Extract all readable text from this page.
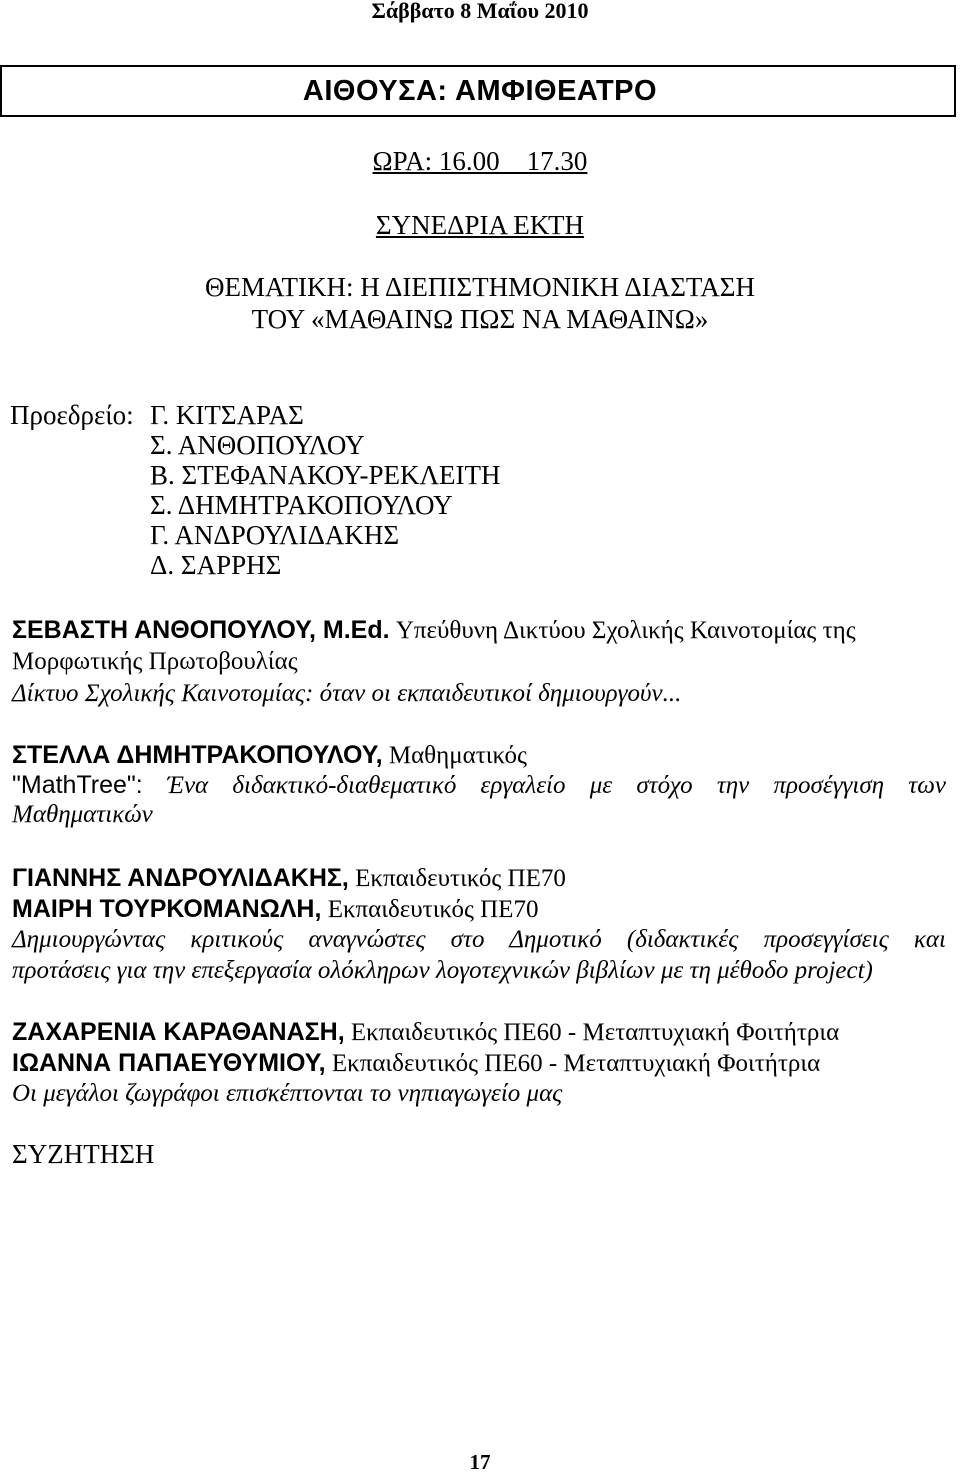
Σάββατο 8 Μαΐου 2010
ΑΙΘΟΥΣΑ: ΑΜΦΙΘΕΑΤΡΟ
ΩΡΑ: 16.00 _ 17.30
ΣΥΝΕΔΡΙΑ ΕΚΤΗ
ΘΕΜΑΤΙΚΗ: Η ΔΙΕΠΙΣΤΗΜΟΝΙΚΗ ΔΙΑΣΤΑΣΗ
ΤΟΥ «ΜΑΘΑΙΝΩ ΠΩΣ ΝΑ ΜΑΘΑΙΝΩ»
Προεδρείο: Γ. ΚΙΤΣΑΡΑΣ
Σ. ΑΝΘΟΠΟΥΛΟΥ
Β. ΣΤΕΦΑΝΑΚΟΥ-ΡΕΚΛΕΙΤΗ
Σ. ΔΗΜΗΤΡΑΚΟΠΟΥΛΟΥ
Γ. ΑΝΔΡΟΥΛΙΔΑΚΗΣ
Δ. ΣΑΡΡΗΣ
ΣΕΒΑΣΤΗ ΑΝΘΟΠΟΥΛΟΥ, Μ.Εd. Υπεύθυνη Δικτύου Σχολικής Καινοτομίας της
Μορφωτικής Πρωτοβουλίας
Δίκτυο Σχολικής Καινοτομίας: όταν οι εκπαιδευτικοί δημιουργούν...
ΣΤΕΛΛΑ ΔΗΜΗΤΡΑΚΟΠΟΥΛΟΥ, Μαθηματικός
"MathTree": Ένα διδακτικό-διαθεματικό εργαλείο με στόχο την προσέγγιση των
Μαθηματικών
ΓΙΑΝΝΗΣ ΑΝΔΡΟΥΛΙΔΑΚΗΣ, Εκπαιδευτικός ΠΕ70
ΜΑΙΡΗ ΤΟΥΡΚΟΜΑΝΩΛΗ, Εκπαιδευτικός ΠΕ70
Δημιουργώντας κριτικούς αναγνώστες στο Δημοτικό (διδακτικές προσεγγίσεις και
προτάσεις για την επεξεργασία ολόκληρων λογοτεχνικών βιβλίων με τη μέθοδο project)
ΖΑΧΑΡΕΝΙΑ ΚΑΡΑΘΑΝΑΣΗ, Εκπαιδευτικός ΠΕ60 - Μεταπτυχιακή Φοιτήτρια
ΙΩΑΝΝΑ ΠΑΠΑΕΥΘΥΜΙΟΥ, Εκπαιδευτικός ΠΕ60 - Μεταπτυχιακή Φοιτήτρια
Οι μεγάλοι ζωγράφοι επισκέπτονται το νηπιαγωγείο μας
ΣΥΖΗΤΗΣΗ
17
